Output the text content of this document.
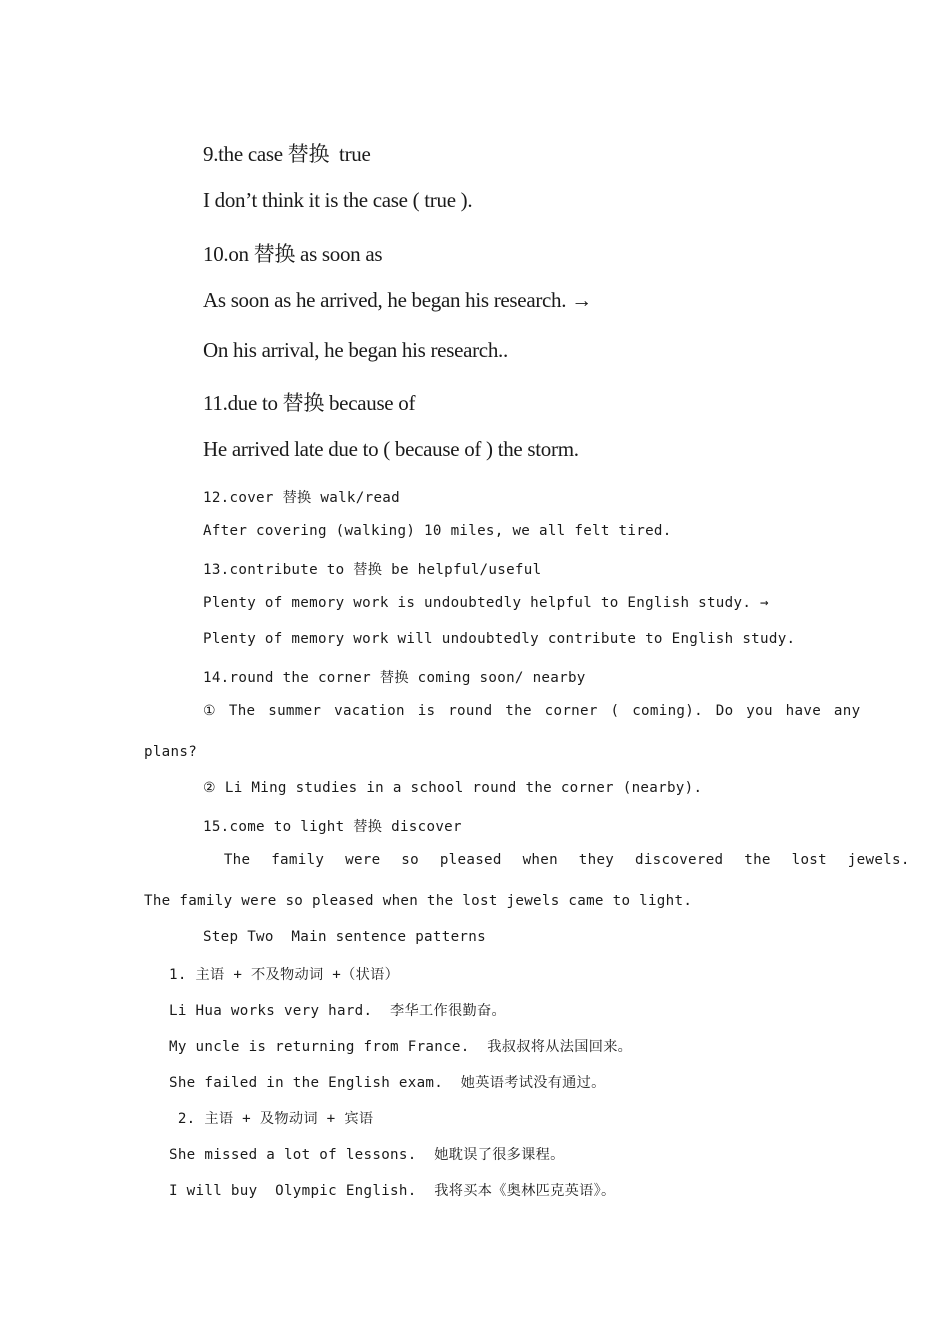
9.the case 替换  true

I don’t think it is the case ( true ).

10.on 替换 as soon as

As soon as he arrived, he began his research. →

On his arrival, he began his research..

11.due to 替换 because of

He arrived late due to ( because of ) the storm.

12.cover 替换 walk/read

After covering (walking) 10 miles, we all felt tired.

13.contribute to 替换 be helpful/useful

Plenty of memory work is undoubtedly helpful to English study. →

Plenty of memory work will undoubtedly contribute to English study.

14.round the corner 替换 coming soon/ nearby

① The summer vacation is round the corner ( coming). Do you have any

plans?

② Li Ming studies in a school round the corner (nearby).

15.come to light 替换 discover

The family were so pleased when they discovered the lost jewels.

The family were so pleased when the lost jewels came to light.

Step Two  Main sentence patterns

1. 主语 + 不及物动词 +（状语）

Li Hua works very hard.  李华工作很勤奋。

My uncle is returning from France.  我叔叔将从法国回来。

She failed in the English exam.  她英语考试没有通过。

2. 主语 + 及物动词 + 宾语

She missed a lot of lessons.  她耽误了很多课程。

I will buy  Olympic English.  我将买本《奥林匹克英语》。
